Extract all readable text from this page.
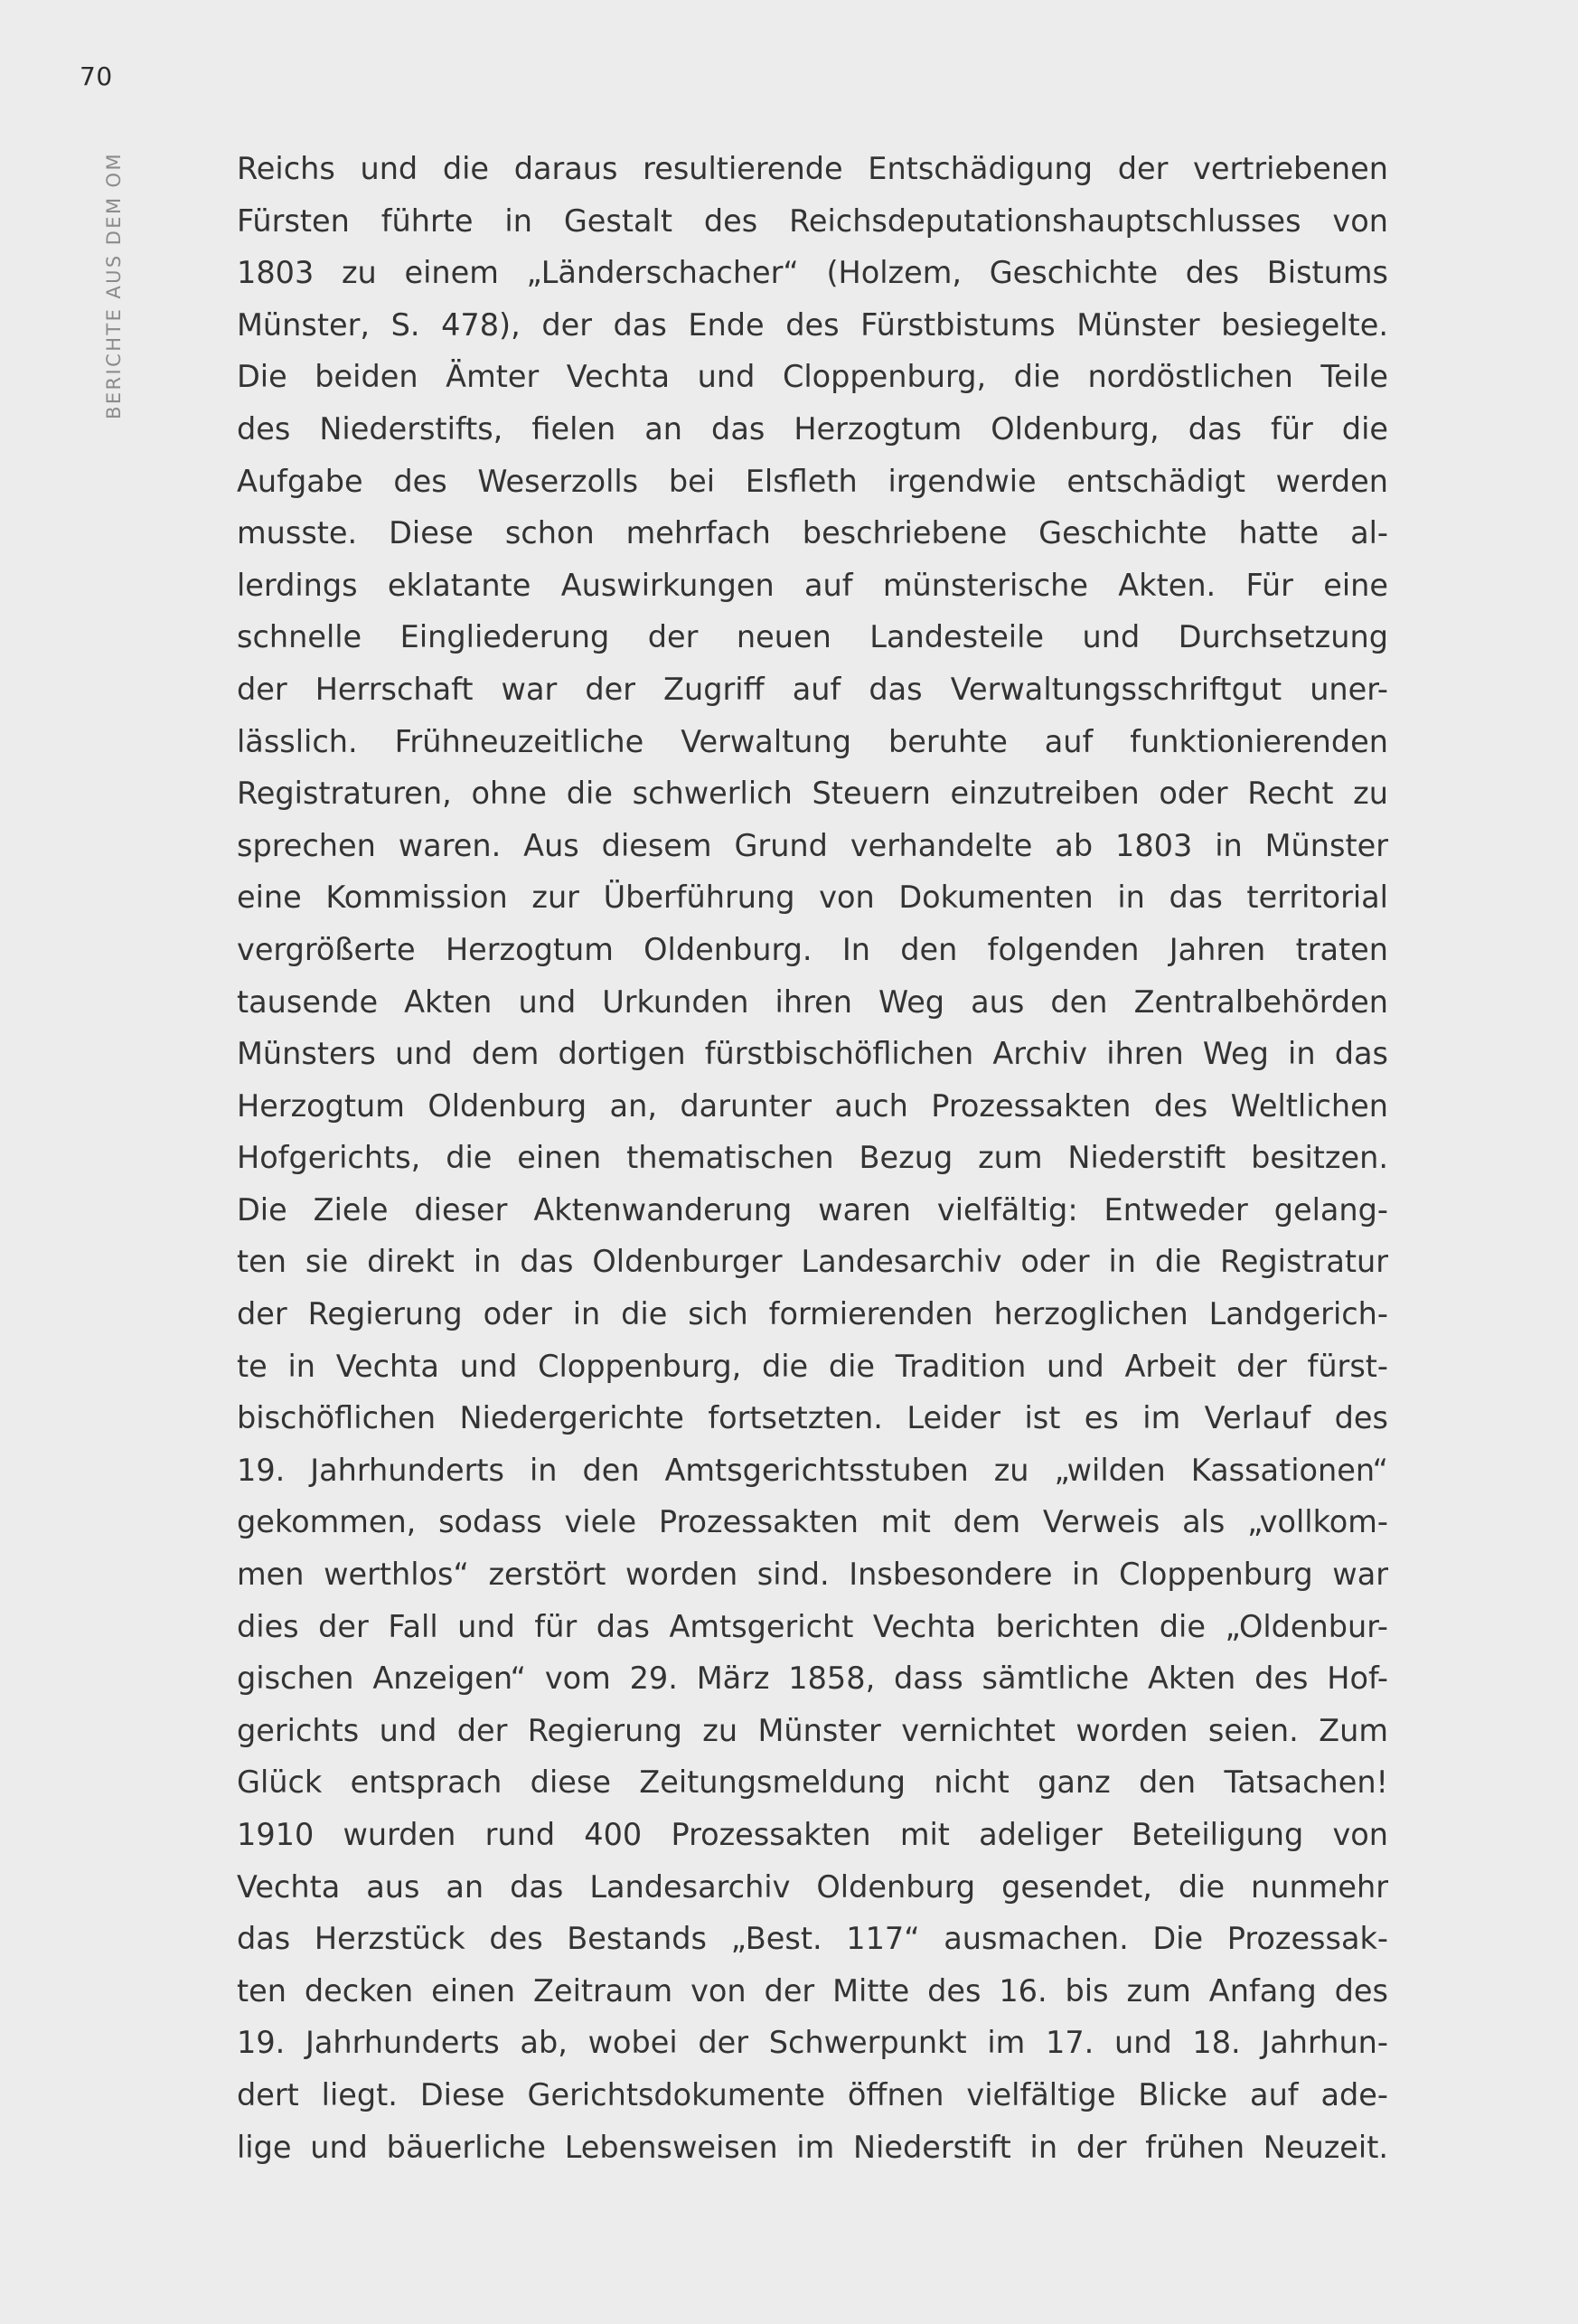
70
BERICHTE AUS DEM OM	Reichs und die daraus resultierende Entschädigung der vertriebenen
Fürsten führte in Gestalt des Reichsdeputationshauptschlusses von
1803 zu einem „Länderschacher“ (Holzem, Geschichte des Bistums
Münster, S. 478), der das Ende des Fürstbistums Münster besiegelte.
Die beiden Ämter Vechta und Cloppenburg, die nordöstlichen Teile
des Niederstifts, fielen an das Herzogtum Oldenburg, das für die
Aufgabe des Weserzolls bei Elsfleth irgendwie entschädigt werden
musste. Diese schon mehrfach beschriebene Geschichte hatte al-
lerdings eklatante Auswirkungen auf münsterische Akten. Für eine
schnelle Eingliederung der neuen Landesteile und Durchsetzung
der Herrschaft war der Zugriff auf das Verwaltungsschriftgut uner-
lässlich. Frühneuzeitliche Verwaltung beruhte auf funktionierenden
Registraturen, ohne die schwerlich Steuern einzutreiben oder Recht zu
sprechen waren. Aus diesem Grund verhandelte ab 1803 in Münster
eine Kommission zur Überführung von Dokumenten in das territorial
vergrößerte Herzogtum Oldenburg. In den folgenden Jahren traten
tausende Akten und Urkunden ihren Weg aus den Zentralbehörden
Münsters und dem dortigen fürstbischöflichen Archiv ihren Weg in das
Herzogtum Oldenburg an, darunter auch Prozessakten des Weltlichen
Hofgerichts, die einen thematischen Bezug zum Niederstift besitzen.
Die Ziele dieser Aktenwanderung waren vielfältig: Entweder gelang-
ten sie direkt in das Oldenburger Landesarchiv oder in die Registratur
der Regierung oder in die sich formierenden herzoglichen Landgerich-
te in Vechta und Cloppenburg, die die Tradition und Arbeit der fürst-
bischöflichen Niedergerichte fortsetzten. Leider ist es im Verlauf des
19. Jahrhunderts in den Amtsgerichtsstuben zu „wilden Kassationen“
gekommen, sodass viele Prozessakten mit dem Verweis als „vollkom-
men werthlos“ zerstört worden sind. Insbesondere in Cloppenburg war
dies der Fall und für das Amtsgericht Vechta berichten die „Oldenbur-
gischen Anzeigen“ vom 29. März 1858, dass sämtliche Akten des Hof-
gerichts und der Regierung zu Münster vernichtet worden seien. Zum
Glück entsprach diese Zeitungsmeldung nicht ganz den Tatsachen!
1910 wurden rund 400 Prozessakten mit adeliger Beteiligung von
Vechta aus an das Landesarchiv Oldenburg gesendet, die nunmehr
das Herzstück des Bestands „Best. 117“ ausmachen. Die Prozessak-
ten decken einen Zeitraum von der Mitte des 16. bis zum Anfang des
19. Jahrhunderts ab, wobei der Schwerpunkt im 17. und 18. Jahrhun-
dert liegt. Diese Gerichtsdokumente öffnen vielfältige Blicke auf ade-
lige und bäuerliche Lebensweisen im Niederstift in der frühen Neuzeit.
